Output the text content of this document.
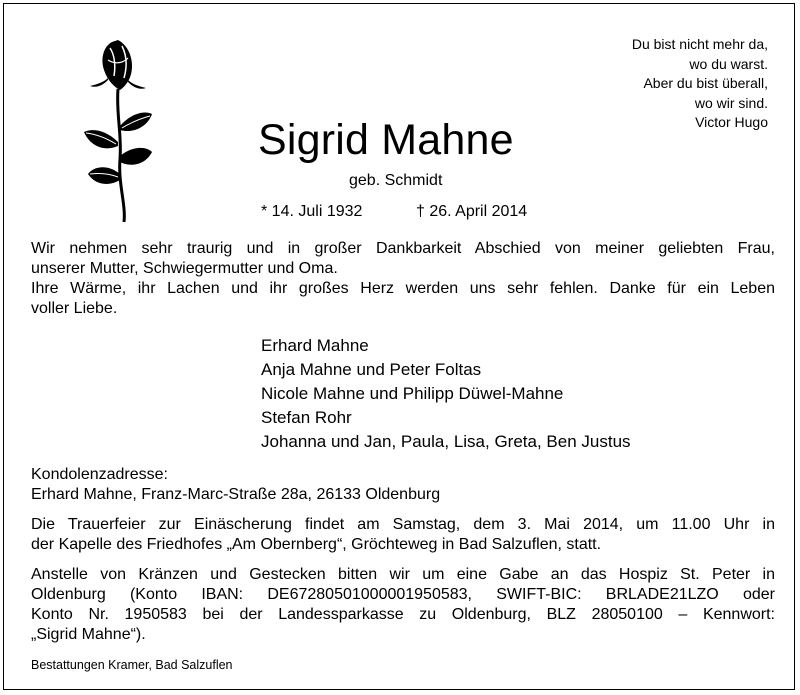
Du bist nicht mehr da,
wo du warst.
Aber du bist überall,
wo wir sind.
Victor Hugo
Sigrid Mahne
geb. Schmidt
* 14. Juli 1932	† 26. April 2014
Wir nehmen sehr traurig und in großer Dankbarkeit Abschied von meiner geliebten Frau,
unserer Mutter, Schwiegermutter und Oma.
Ihre Wärme, ihr Lachen und ihr großes Herz werden uns sehr fehlen. Danke für ein Leben
voller Liebe.
Erhard Mahne
Anja Mahne und Peter Foltas
Nicole Mahne und Philipp Düwel-Mahne
Stefan Rohr
Johanna und Jan, Paula, Lisa, Greta, Ben Justus
Kondolenzadresse:
Erhard Mahne, Franz-Marc-Straße 28a, 26133 Oldenburg
Die Trauerfeier zur Einäscherung findet am Samstag, dem 3. Mai 2014, um 11.00 Uhr in
der Kapelle des Friedhofes „Am Obernberg“, Gröchteweg in Bad Salzuflen, statt.
Anstelle von Kränzen und Gestecken bitten wir um eine Gabe an das Hospiz St. Peter in
Oldenburg (Konto IBAN: DE67280501000001950583, SWIFT-BIC: BRLADE21LZO oder
Konto Nr. 1950583 bei der Landessparkasse zu Oldenburg, BLZ 28050100 – Kennwort:
„Sigrid Mahne“).
Bestattungen Kramer, Bad Salzuflen
